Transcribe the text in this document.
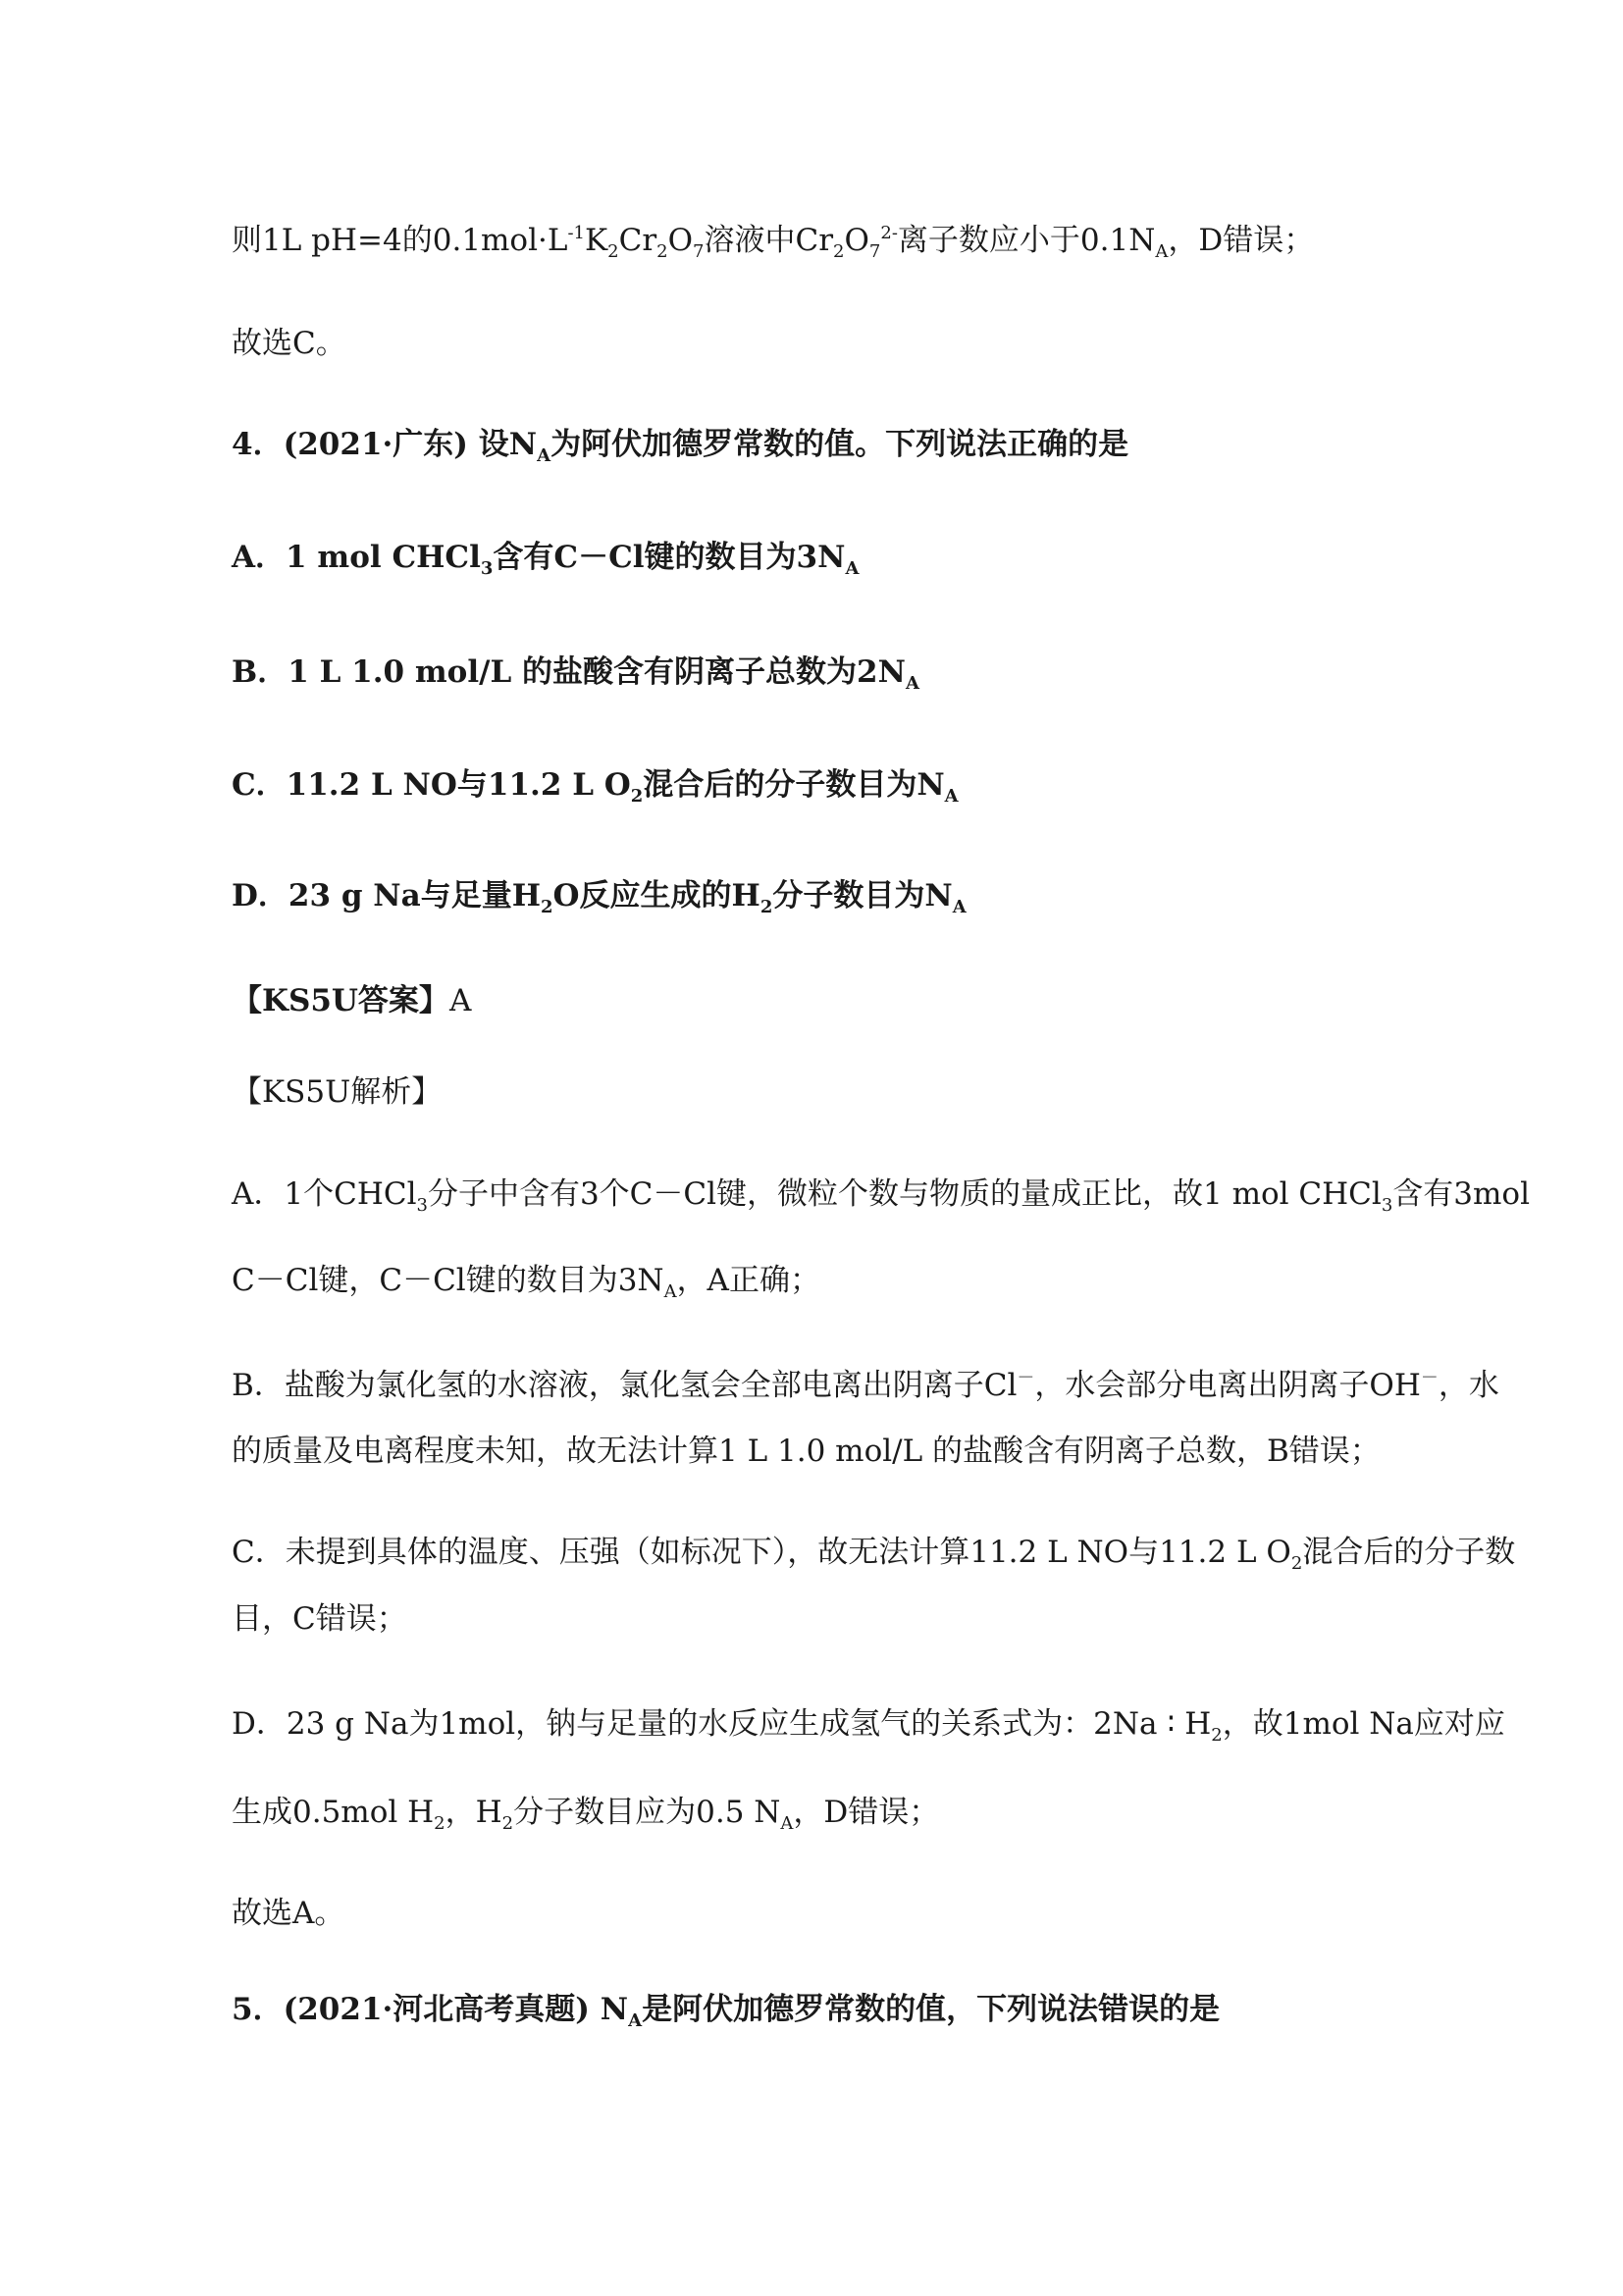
则1L pH=4的$0.1mol\cdot L^{-1}K_2Cr_2O_7$溶液中$Cr_2O_7^{2-}$离子数应小于$0.1N_A$，D错误；

故选C。

4．(2021·广东) 设$N_A$为阿伏加德罗常数的值。下列说法正确的是

A．1 mol CHCl$_3$含有C－Cl键的数目为$3N_A$

B．1 L 1.0 mol/L 的盐酸含有阴离子总数为$2N_A$

C．11.2 L NO与11.2 L $O_2$混合后的分子数目为$N_A$

D．23 g Na与足量$H_2O$反应生成的$H_2$分子数目为$N_A$

【KS5U答案】A

【KS5U解析】

A．1个CHCl$_3$分子中含有3个C－Cl键，微粒个数与物质的量成正比，故1 mol CHCl$_3$含有3mol

C－Cl键，C－Cl键的数目为$3N_A$，A正确；

B．盐酸为氯化氢的水溶液，氯化氢会全部电离出阴离子Cl－，水会部分电离出阴离子OH－，水

的质量及电离程度未知，故无法计算1 L 1.0 mol/L 的盐酸含有阴离子总数，B错误；

C．未提到具体的温度、压强（如标况下），故无法计算11.2 L NO与11.2 L $O_2$混合后的分子数

目，C错误；

D．23 g Na为1mol，钠与足量的水反应生成氢气的关系式为：2Na ∶ $H_2$，故1mol Na应对应

生成0.5mol $H_2$，$H_2$分子数目应为0.5 $N_A$，D错误；

故选A。

5．(2021·河北高考真题) $N_A$是阿伏加德罗常数的值，下列说法错误的是
